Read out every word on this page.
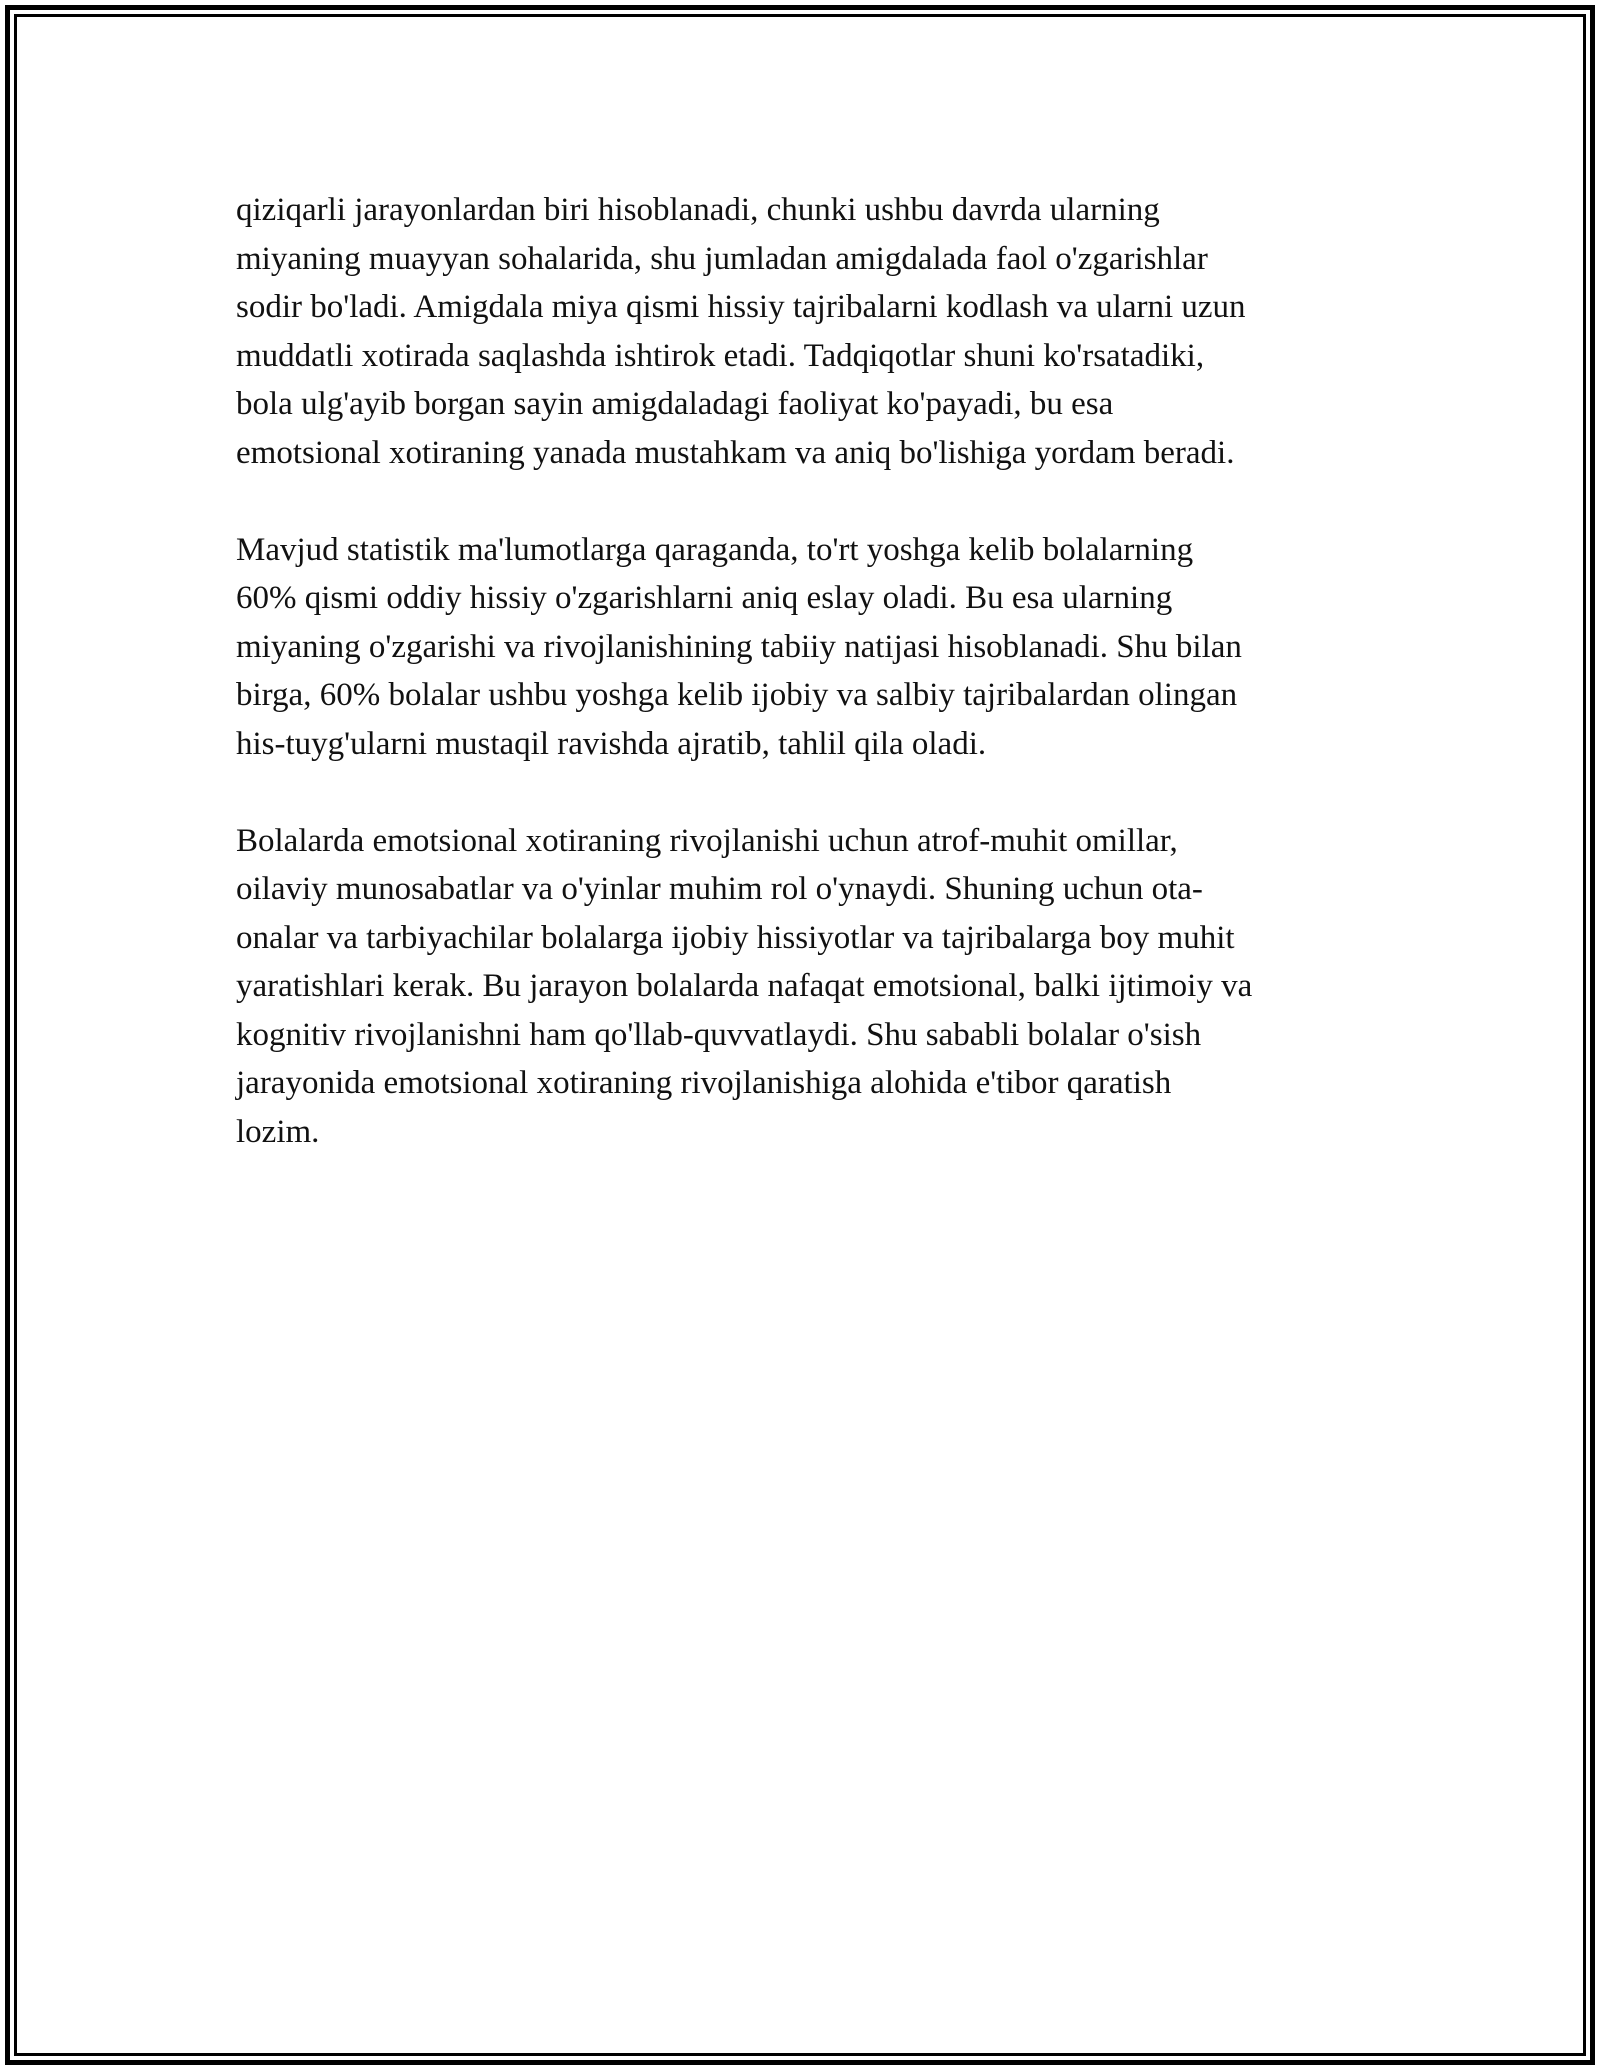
qiziqarli jarayonlardan biri hisoblanadi, chunki ushbu davrda ularning
miyaning muayyan sohalarida, shu jumladan amigdalada faol o'zgarishlar
sodir bo'ladi. Amigdala miya qismi hissiy tajribalarni kodlash va ularni uzun
muddatli xotirada saqlashda ishtirok etadi. Tadqiqotlar shuni ko'rsatadiki,
bola ulg'ayib borgan sayin amigdaladagi faoliyat ko'payadi, bu esa
emotsional xotiraning yanada mustahkam va aniq bo'lishiga yordam beradi.

Mavjud statistik ma'lumotlarga qaraganda, to'rt yoshga kelib bolalarning
60% qismi oddiy hissiy o'zgarishlarni aniq eslay oladi. Bu esa ularning
miyaning o'zgarishi va rivojlanishining tabiiy natijasi hisoblanadi. Shu bilan
birga, 60% bolalar ushbu yoshga kelib ijobiy va salbiy tajribalardan olingan
his-tuyg'ularni mustaqil ravishda ajratib, tahlil qila oladi.

Bolalarda emotsional xotiraning rivojlanishi uchun atrof-muhit omillar,
oilaviy munosabatlar va o'yinlar muhim rol o'ynaydi. Shuning uchun ota-
onalar va tarbiyachilar bolalarga ijobiy hissiyotlar va tajribalarga boy muhit
yaratishlari kerak. Bu jarayon bolalarda nafaqat emotsional, balki ijtimoiy va
kognitiv rivojlanishni ham qo'llab-quvvatlaydi. Shu sababli bolalar o'sish
jarayonida emotsional xotiraning rivojlanishiga alohida e'tibor qaratish
lozim.
